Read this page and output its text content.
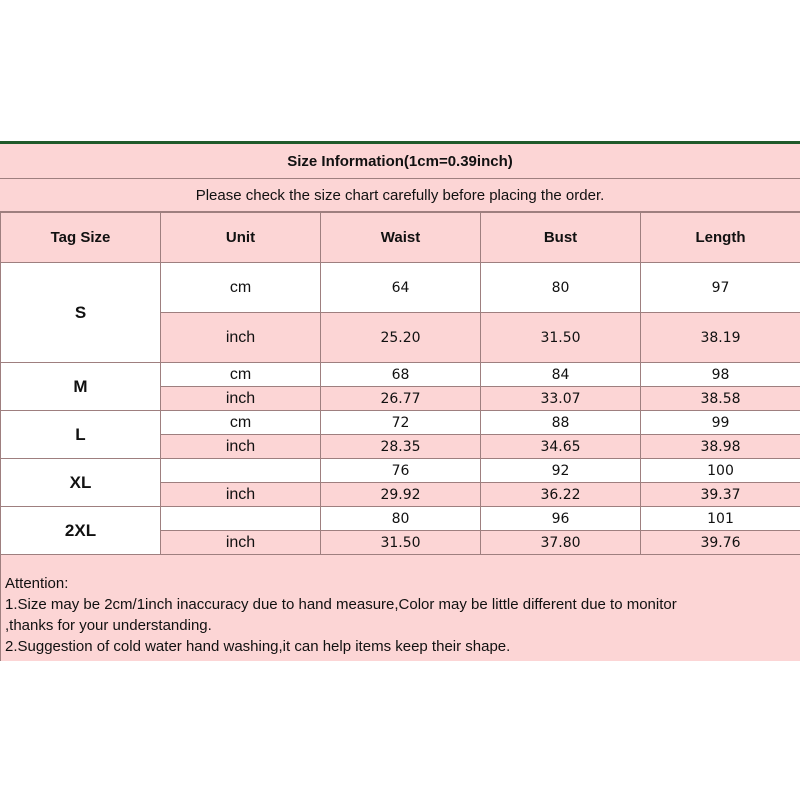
Size Information(1cm=0.39inch)
Please check the size chart carefully before placing the order.
Tag Size	Unit	Waist	Bust	Length
S	cm	64	80	97
	inch	25.20	31.50	38.19
M	cm	68	84	98
	inch	26.77	33.07	38.58
L	cm	72	88	99
	inch	28.35	34.65	38.98
XL		76	92	100
	inch	29.92	36.22	39.37
2XL		80	96	101
	inch	31.50	37.80	39.76
Attention:
1.Size may be 2cm/1inch inaccuracy due to hand measure,Color may be little different due to monitor
,thanks for your understanding.
2.Suggestion of cold water hand washing,it can help items keep their shape.
